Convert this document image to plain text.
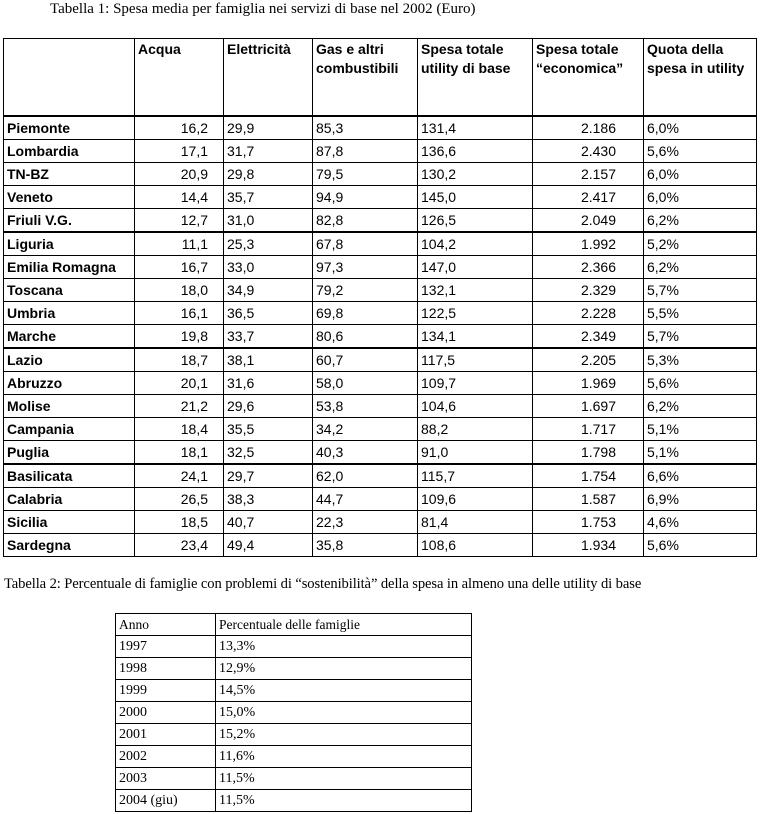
Tabella 1: Spesa media per famiglia nei servizi di base nel 2002 (Euro)
	Acqua	Elettricità	Gas e altri combustibili	Spesa totale utility di base	Spesa totale “economica”	Quota della spesa in utility
Piemonte	16,2	29,9	85,3	131,4	2.186	6,0%
Lombardia	17,1	31,7	87,8	136,6	2.430	5,6%
TN-BZ	20,9	29,8	79,5	130,2	2.157	6,0%
Veneto	14,4	35,7	94,9	145,0	2.417	6,0%
Friuli V.G.	12,7	31,0	82,8	126,5	2.049	6,2%
Liguria	11,1	25,3	67,8	104,2	1.992	5,2%
Emilia Romagna	16,7	33,0	97,3	147,0	2.366	6,2%
Toscana	18,0	34,9	79,2	132,1	2.329	5,7%
Umbria	16,1	36,5	69,8	122,5	2.228	5,5%
Marche	19,8	33,7	80,6	134,1	2.349	5,7%
Lazio	18,7	38,1	60,7	117,5	2.205	5,3%
Abruzzo	20,1	31,6	58,0	109,7	1.969	5,6%
Molise	21,2	29,6	53,8	104,6	1.697	6,2%
Campania	18,4	35,5	34,2	88,2	1.717	5,1%
Puglia	18,1	32,5	40,3	91,0	1.798	5,1%
Basilicata	24,1	29,7	62,0	115,7	1.754	6,6%
Calabria	26,5	38,3	44,7	109,6	1.587	6,9%
Sicilia	18,5	40,7	22,3	81,4	1.753	4,6%
Sardegna	23,4	49,4	35,8	108,6	1.934	5,6%
Tabella 2: Percentuale di famiglie con problemi di “sostenibilità” della spesa in almeno una delle utility di base
Anno	Percentuale delle famiglie
1997	13,3%
1998	12,9%
1999	14,5%
2000	15,0%
2001	15,2%
2002	11,6%
2003	11,5%
2004 (giu)	11,5%
